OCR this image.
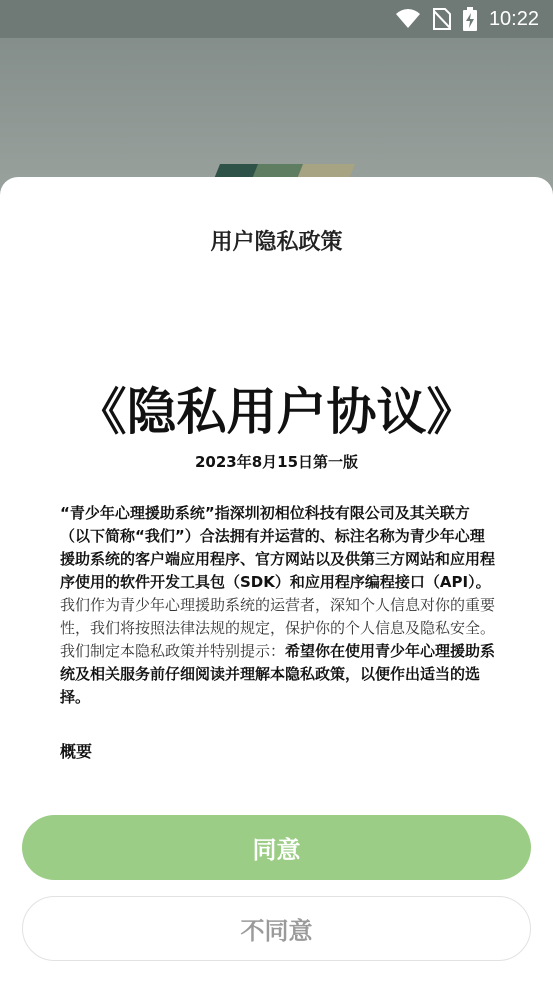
10:22
用户隐私政策
《隐私用户协议》
2023年8月15日第一版

“青少年心理援助系统”指深圳初相位科技有限公司及其关联方（以下简称“我们”）合法拥有并运营的、标注名称为青少年心理援助系统的客户端应用程序、官方网站以及供第三方网站和应用程序使用的软件开发工具包（SDK）和应用程序编程接口（API）。

我们作为青少年心理援助系统的运营者，深知个人信息对你的重要性，我们将按照法律法规的规定，保护你的个人信息及隐私安全。我们制定本隐私政策并特别提示：希望你在使用青少年心理援助系统及相关服务前仔细阅读并理解本隐私政策，以便作出适当的选择。

概要
同意
不同意
